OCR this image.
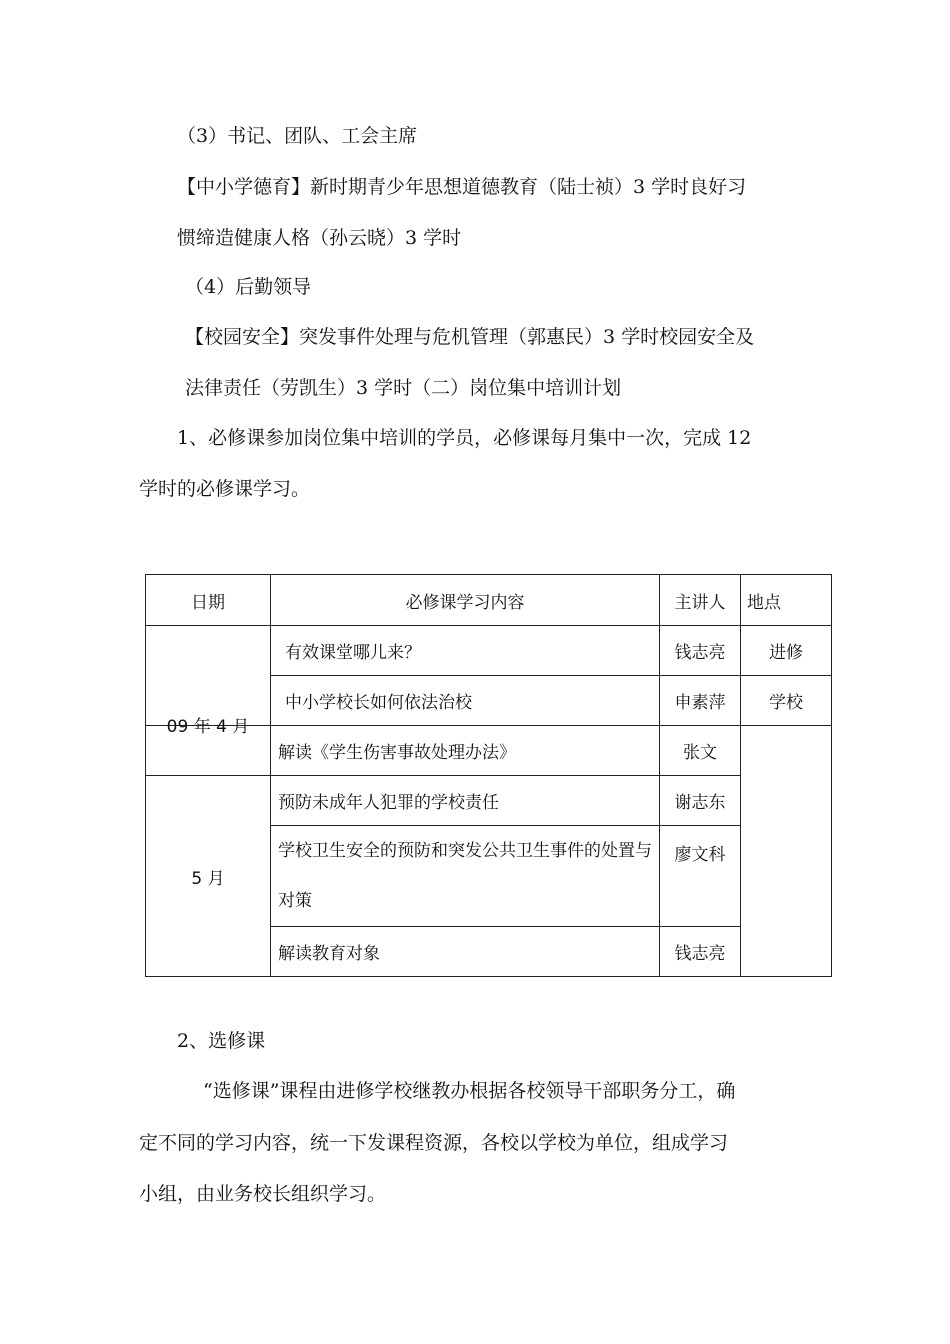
（3）书记、团队、工会主席
【中小学德育】新时期青少年思想道德教育（陆士祯）3 学时良好习
惯缔造健康人格（孙云晓）3 学时
（4）后勤领导
【校园安全】突发事件处理与危机管理（郭惠民）3 学时校园安全及
法律责任（劳凯生）3 学时（二）岗位集中培训计划
1、必修课参加岗位集中培训的学员，必修课每月集中一次，完成 12
学时的必修课学习。
日期	必修课学习内容	主讲人	地点

09 年 4 月	有效课堂哪儿来？	钱志亮	进修
	中小学校长如何依法治校	申素萍	学校
	解读《学生伤害事故处理办法》	张文	
5 月	预防未成年人犯罪的学校责任	谢志东	
	学校卫生安全的预防和突发公共卫生事件的处置与对策	廖文科	
	解读教育对象	钱志亮	
2、选修课
“选修课”课程由进修学校继教办根据各校领导干部职务分工，确
定不同的学习内容，统一下发课程资源，各校以学校为单位，组成学习
小组，由业务校长组织学习。
